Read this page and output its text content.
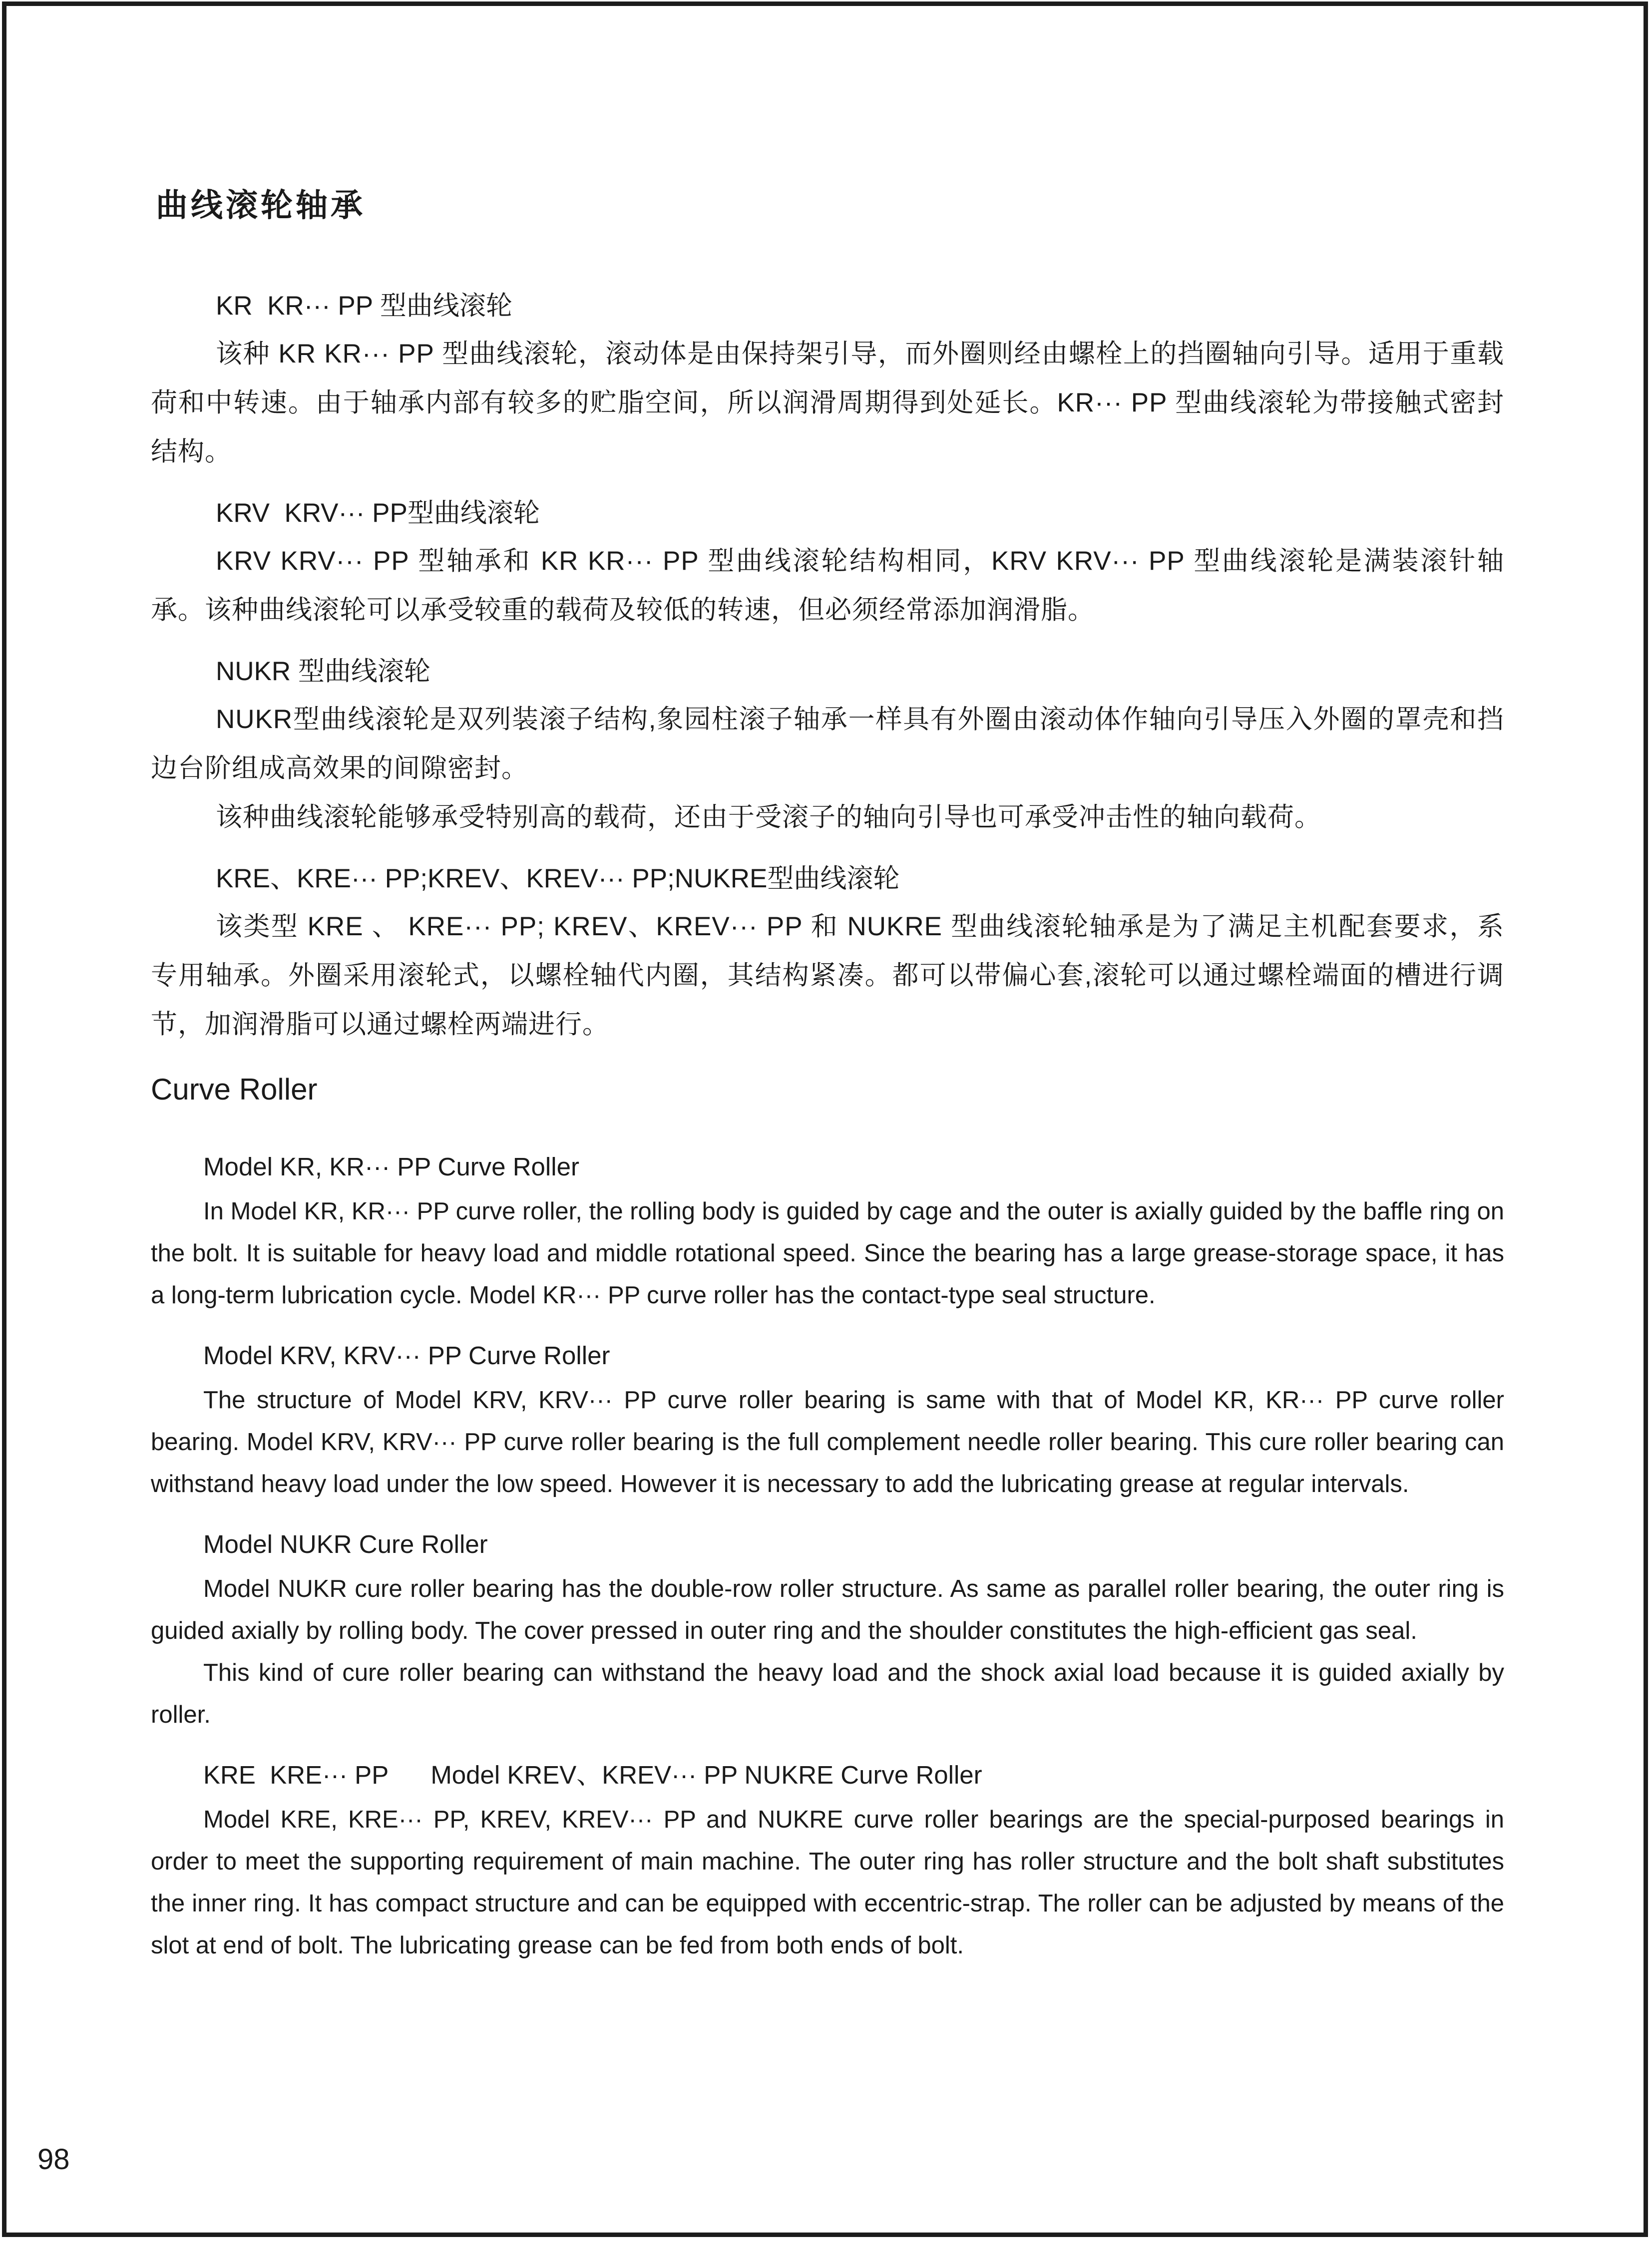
曲线滚轮轴承
KR  KR··· PP 型曲线滚轮

该种 KR KR··· PP 型曲线滚轮，滚动体是由保持架引导，而外圈则经由螺栓上的挡圈轴向引导。适用于重载荷和中转速。由于轴承内部有较多的贮脂空间，所以润滑周期得到处延长。KR··· PP 型曲线滚轮为带接触式密封结构。

KRV  KRV··· PP型曲线滚轮

KRV KRV··· PP 型轴承和 KR KR··· PP 型曲线滚轮结构相同，KRV KRV··· PP 型曲线滚轮是满装滚针轴承。该种曲线滚轮可以承受较重的载荷及较低的转速，但必须经常添加润滑脂。

NUKR 型曲线滚轮

NUKR型曲线滚轮是双列装滚子结构,象园柱滚子轴承一样具有外圈由滚动体作轴向引导压入外圈的罩壳和挡边台阶组成高效果的间隙密封。

该种曲线滚轮能够承受特别高的载荷，还由于受滚子的轴向引导也可承受冲击性的轴向载荷。

KRE、KRE··· PP;KREV、KREV··· PP;NUKRE型曲线滚轮

该类型 KRE 、 KRE··· PP; KREV、KREV··· PP 和 NUKRE 型曲线滚轮轴承是为了满足主机配套要求，系专用轴承。外圈采用滚轮式，以螺栓轴代内圈，其结构紧凑。都可以带偏心套,滚轮可以通过螺栓端面的槽进行调节，加润滑脂可以通过螺栓两端进行。

Curve Roller
Model KR, KR··· PP Curve Roller

In Model KR, KR··· PP curve roller, the rolling body is guided by cage and the outer is axially guided by the baffle ring on the bolt. It is suitable for heavy load and middle rotational speed. Since the bearing has a large grease-storage space, it has a long-term lubrication cycle. Model KR··· PP curve roller has the contact-type seal structure.

Model KRV, KRV··· PP Curve Roller

The structure of Model KRV, KRV··· PP curve roller bearing is same with that of Model KR, KR··· PP curve roller bearing. Model KRV, KRV··· PP curve roller bearing is the full complement needle roller bearing. This cure roller bearing can withstand heavy load under the low speed. However it is necessary to add the lubricating grease at regular intervals.

Model NUKR Cure Roller

Model NUKR cure roller bearing has the double-row roller structure. As same as parallel roller bearing, the outer ring is guided axially by rolling body. The cover pressed in outer ring and the shoulder constitutes the high-efficient gas seal.

This kind of cure roller bearing can withstand the heavy load and the shock axial load because it is guided axially by roller.

KRE  KRE··· PP      Model KREV、KREV··· PP NUKRE Curve Roller

Model KRE, KRE··· PP, KREV, KREV··· PP and NUKRE curve roller bearings are the special-purposed bearings in order to meet the supporting requirement of main machine. The outer ring has roller structure and the bolt shaft substitutes the inner ring. It has compact structure and can be equipped with eccentric-strap. The roller can be adjusted by means of the slot at end of bolt. The lubricating grease can be fed from both ends of bolt.

98
